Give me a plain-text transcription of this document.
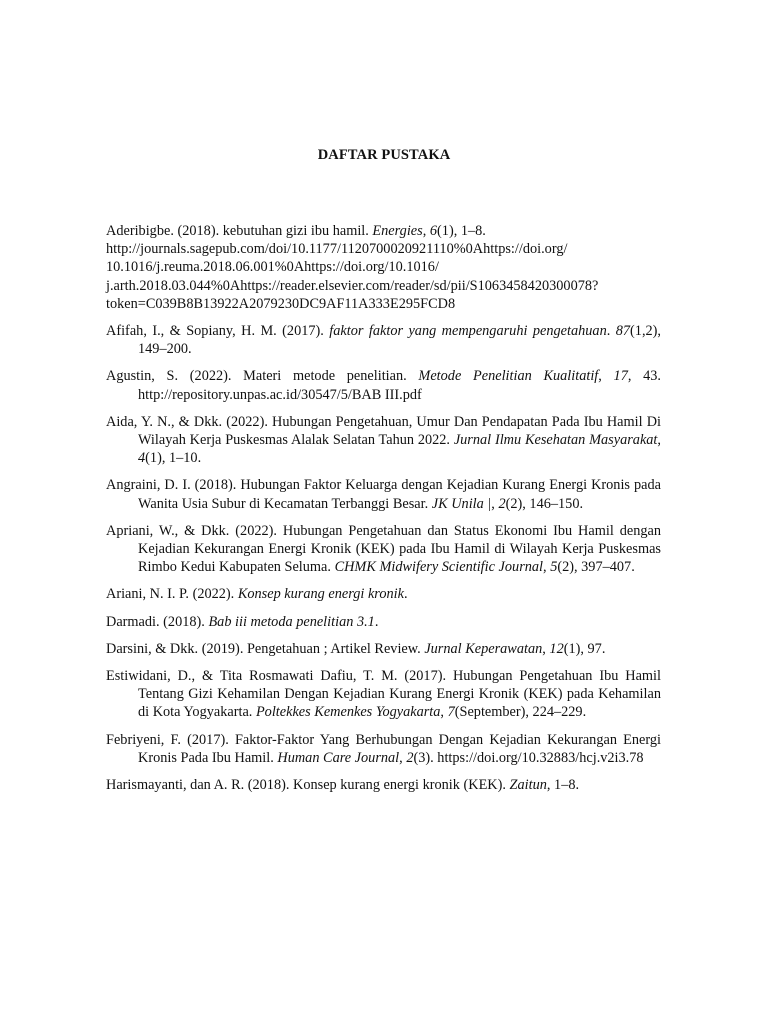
DAFTAR PUSTAKA

Aderibigbe. (2018). kebutuhan gizi ibu hamil. Energies, 6(1), 1–8.
http://journals.sagepub.com/doi/10.1177/1120700020921110%0Ahttps://doi.org/
10.1016/j.reuma.2018.06.001%0Ahttps://doi.org/10.1016/
j.arth.2018.03.044%0Ahttps://reader.elsevier.com/reader/sd/pii/S1063458420300078?
token=C039B8B13922A2079230DC9AF11A333E295FCD8

Afifah, I., & Sopiany, H. M. (2017). faktor faktor yang mempengaruhi pengetahuan. 87(1,2), 149–200.

Agustin, S. (2022). Materi metode penelitian. Metode Penelitian Kualitatif, 17, 43. http://repository.unpas.ac.id/30547/5/BAB III.pdf

Aida, Y. N., & Dkk. (2022). Hubungan Pengetahuan, Umur Dan Pendapatan Pada Ibu Hamil Di Wilayah Kerja Puskesmas Alalak Selatan Tahun 2022. Jurnal Ilmu Kesehatan Masyarakat, 4(1), 1–10.

Angraini, D. I. (2018). Hubungan Faktor Keluarga dengan Kejadian Kurang Energi Kronis pada Wanita Usia Subur di Kecamatan Terbanggi Besar. JK Unila |, 2(2), 146–150.

Apriani, W., & Dkk. (2022). Hubungan Pengetahuan dan Status Ekonomi Ibu Hamil dengan Kejadian Kekurangan Energi Kronik (KEK) pada Ibu Hamil di Wilayah Kerja Puskesmas Rimbo Kedui Kabupaten Seluma. CHMK Midwifery Scientific Journal, 5(2), 397–407.

Ariani, N. I. P. (2022). Konsep kurang energi kronik.

Darmadi. (2018). Bab iii metoda penelitian 3.1.

Darsini, & Dkk. (2019). Pengetahuan ; Artikel Review. Jurnal Keperawatan, 12(1), 97.

Estiwidani, D., & Tita Rosmawati Dafiu, T. M. (2017). Hubungan Pengetahuan Ibu Hamil Tentang Gizi Kehamilan Dengan Kejadian Kurang Energi Kronik (KEK) pada Kehamilan di Kota Yogyakarta. Poltekkes Kemenkes Yogyakarta, 7(September), 224–229.

Febriyeni, F. (2017). Faktor-Faktor Yang Berhubungan Dengan Kejadian Kekurangan Energi Kronis Pada Ibu Hamil. Human Care Journal, 2(3). https://doi.org/10.32883/hcj.v2i3.78

Harismayanti, dan A. R. (2018). Konsep kurang energi kronik (KEK). Zaitun, 1–8.
